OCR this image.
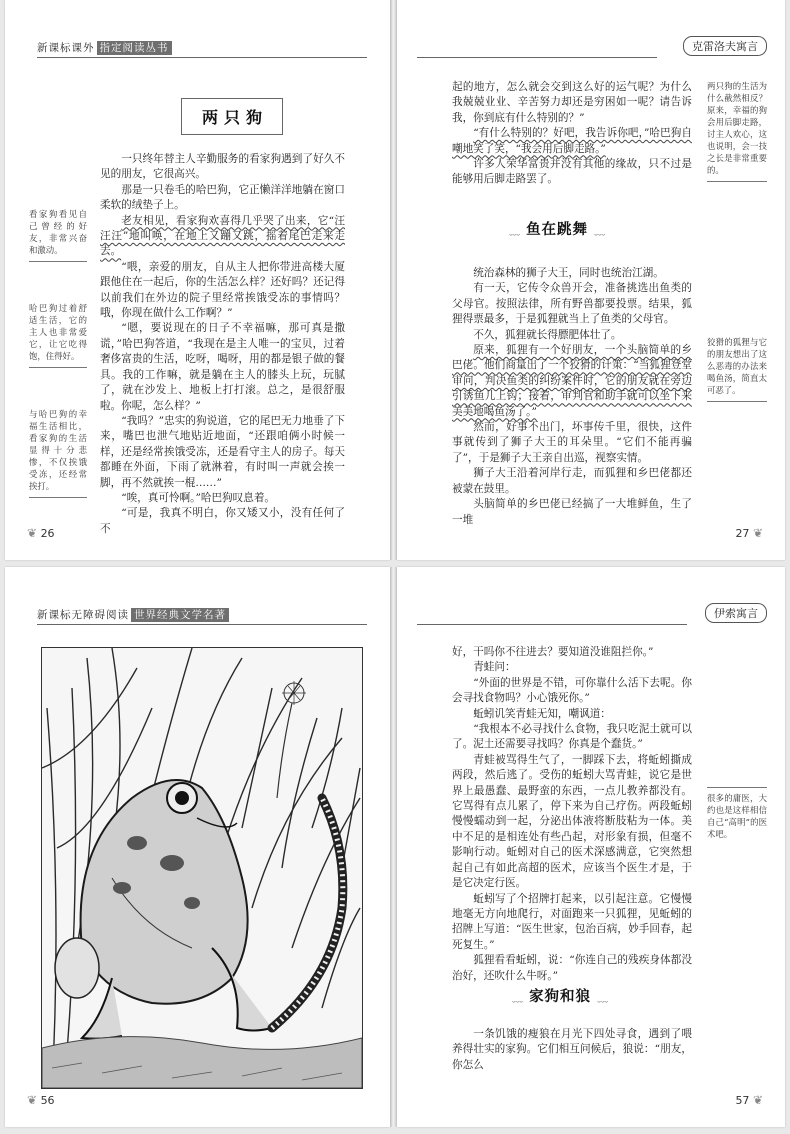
新课标课外 指定阅读丛书
两只狗

一只终年替主人辛勤服务的看家狗遇到了好久不见的朋友，它很高兴。

那是一只卷毛的哈巴狗，它正懒洋洋地躺在窗口柔软的绒垫子上。

老友相见，看家狗欢喜得几乎哭了出来，它“汪汪汪”地叫唤，在地上又蹦又跳，摇着尾巴走来走去。

“喂，亲爱的朋友，自从主人把你带进高楼大厦跟他住在一起后，你的生活怎么样？还好吗？还记得以前我们在外边的院子里经常挨饿受冻的事情吗？哦，你现在做什么工作啊？”

“嗯，要说现在的日子不幸福嘛，那可真是撒谎，”哈巴狗答道，“我现在是主人唯一的宝贝，过着奢侈富贵的生活，吃呀，喝呀，用的都是银子做的餐具。我的工作嘛，就是躺在主人的膝头上玩，玩腻了，就在沙发上、地板上打打滚。总之，是很舒服啦。你呢，怎么样？”

“我吗？”忠实的狗说道，它的尾巴无力地垂了下来，嘴巴也泄气地贴近地面，“还跟咱俩小时候一样，还是经常挨饿受冻，还是看守主人的房子。每天都睡在外面，下雨了就淋着，有时叫一声就会挨一脚，再不然就挨一棍……”

“唉，真可怜啊。”哈巴狗叹息着。

“可是，我真不明白，你又矮又小，没有任何了不

看家狗看见自己曾经的好友，非常兴奋和激动。
哈巴狗过着舒适生活，它的主人也非常爱它，让它吃得饱，住得好。
与哈巴狗的幸福生活相比，看家狗的生活显得十分悲惨，不仅挨饿受冻，还经常挨打。
❦ 26
克雷洛夫寓言

起的地方，怎么就会交到这么好的运气呢？为什么我兢兢业业、辛苦努力却还是穷困如一呢？请告诉我，你到底有什么特别的？”

“有什么特别的？好吧，我告诉你吧，”哈巴狗自嘲地笑了笑，“我会用后脚走路。”

许多人荣华富贵并没有其他的缘故，只不过是能够用后脚走路罢了。

﹏ 鱼在跳舞 ﹏

统治森林的狮子大王，同时也统治江湖。

有一天，它传令众兽开会，准备挑选出鱼类的父母官。按照法律，所有野兽都要投票。结果，狐狸得票最多，于是狐狸就当上了鱼类的父母官。

不久，狐狸就长得膘肥体壮了。

原来，狐狸有一个好朋友，一个头脑简单的乡巴佬。他们商量出了一个狡猾的计策：“当狐狸登堂审问，判决鱼类的纠纷案件时，它的朋友就在旁边引诱鱼儿上钩；接着，审判官和助手就可以坐下来美美地喝鱼汤了。”

然而，好事不出门，坏事传千里，很快，这件事就传到了狮子大王的耳朵里。“它们不能再骗了”，于是狮子大王亲自出巡，视察实情。

狮子大王沿着河岸行走，而狐狸和乡巴佬都还被蒙在鼓里。

头脑简单的乡巴佬已经搞了一大堆鲜鱼，生了一堆

两只狗的生活为什么截然相反？原来，幸福的狗会用后脚走路，讨主人欢心，这也说明，会一技之长是非常重要的。
狡猾的狐狸与它的朋友想出了这么恶毒的办法来喝鱼汤，简直太可恶了。
27 ❦
新课标无障碍阅读 世界经典文学名著
❦ 56
伊索寓言

好，干吗你不往进去？要知道没谁阻拦你。”

青蛙问：

“外面的世界是不错，可你靠什么活下去呢。你会寻找食物吗？小心饿死你。”

蚯蚓讥笑青蛙无知，嘲讽道：

“我根本不必寻找什么食物，我只吃泥土就可以了。泥土还需要寻找吗？你真是个蠢货。”

青蛙被骂得生气了，一脚踩下去，将蚯蚓撕成两段，然后逃了。受伤的蚯蚓大骂青蛙，说它是世界上最愚蠢、最野蛮的东西，一点儿教养都没有。它骂得有点儿累了，停下来为自己疗伤。两段蚯蚓慢慢蠕动到一起，分泌出体液将断肢粘为一体。美中不足的是相连处有些凸起，对形象有损，但毫不影响行动。蚯蚓对自己的医术深感满意，它突然想起自己有如此高超的医术，应该当个医生才是，于是它决定行医。

蚯蚓写了个招牌打起来，以引起注意。它慢慢地毫无方向地爬行，对面跑来一只狐狸，见蚯蚓的招牌上写道：“医生世家，包治百病，妙手回春，起死复生。”

狐狸看看蚯蚓，说：“你连自己的残疾身体都没治好，还吹什么牛呀。”

﹏ 家狗和狼 ﹏

一条饥饿的瘦狼在月光下四处寻食，遇到了喂养得壮实的家狗。它们相互问候后，狼说：“朋友，你怎么

很多的庸医，大约也是这样相信自己“高明”的医术吧。
57 ❦
